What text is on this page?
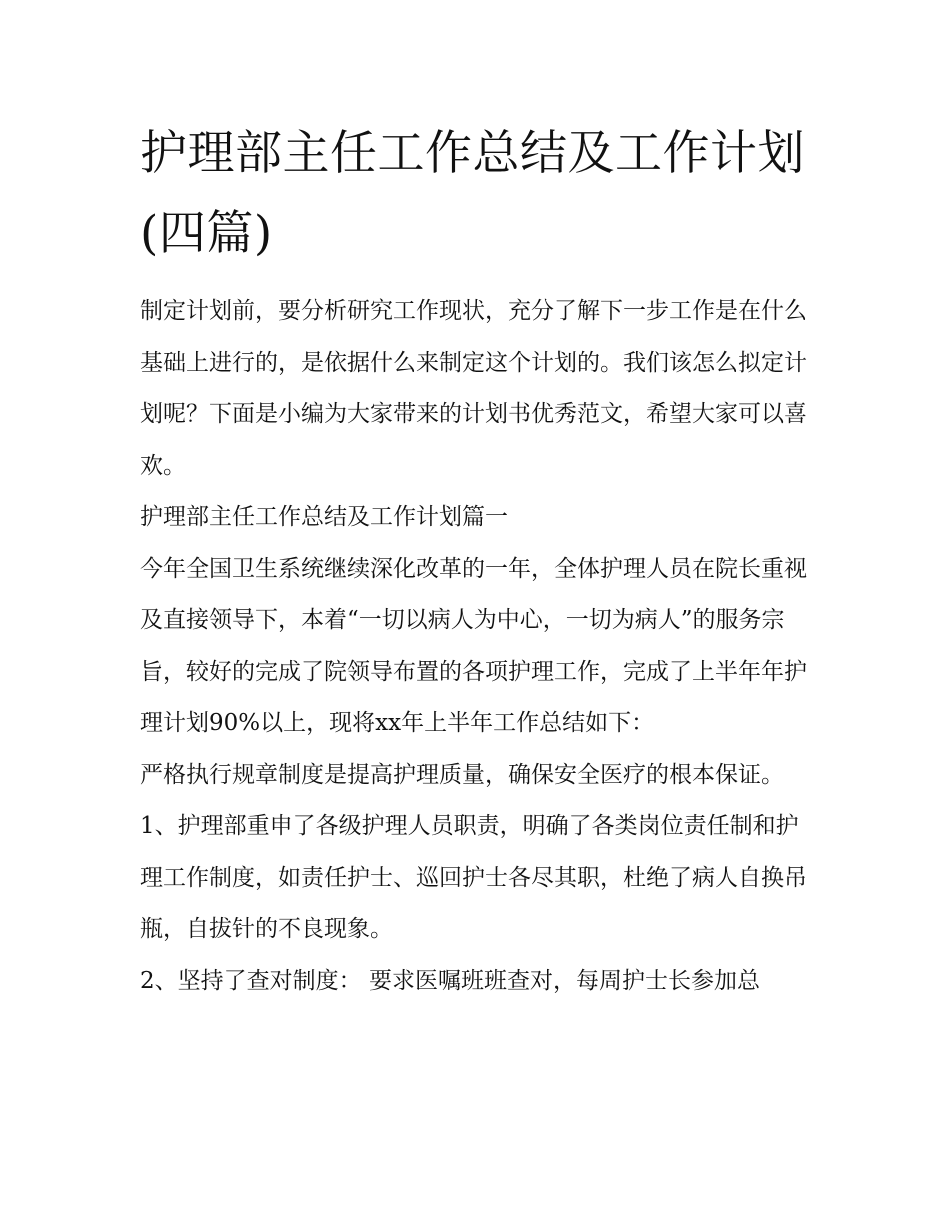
护理部主任工作总结及工作计划(四篇)

制定计划前，要分析研究工作现状，充分了解下一步工作是在什么基础上进行的，是依据什么来制定这个计划的。我们该怎么拟定计划呢？下面是小编为大家带来的计划书优秀范文，希望大家可以喜欢。

护理部主任工作总结及工作计划篇一

今年全国卫生系统继续深化改革的一年，全体护理人员在院长重视及直接领导下，本着“一切以病人为中心，一切为病人”的服务宗旨，较好的完成了院领导布置的各项护理工作，完成了上半年年护理计划90%以上，现将xx年上半年工作总结如下：

严格执行规章制度是提高护理质量，确保安全医疗的根本保证。

1、护理部重申了各级护理人员职责，明确了各类岗位责任制和护理工作制度，如责任护士、巡回护士各尽其职，杜绝了病人自换吊瓶，自拔针的不良现象。

2、坚持了查对制度： 要求医嘱班班查对，每周护士长参加总
